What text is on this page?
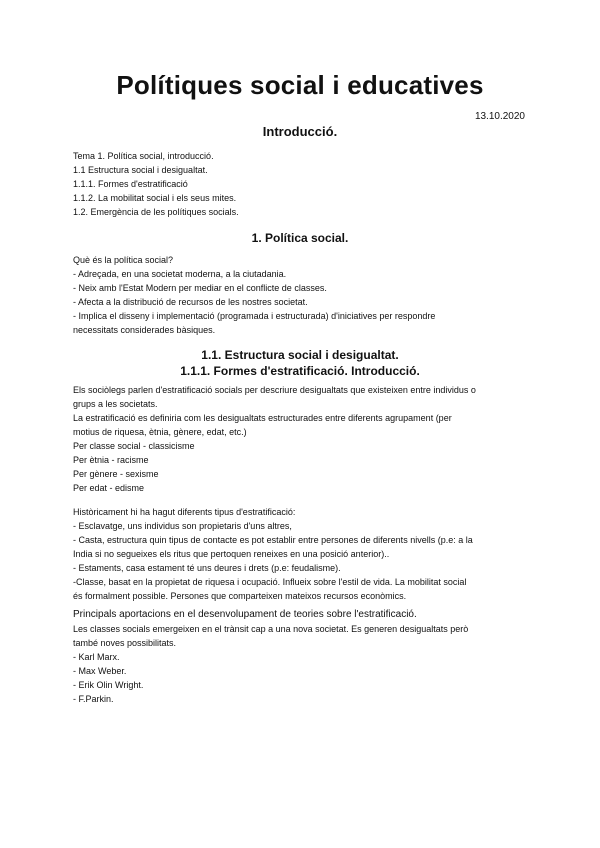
Polítiques social i educatives
13.10.2020
Introducció.

Tema 1. Política social, introducció.

1.1 Estructura social i desigualtat.

1.1.1. Formes d'estratificació

1.1.2. La mobilitat social i els seus mites.

1.2. Emergència de les polítiques socials.

1. Política social.

Què és la política social?

- Adreçada, en una societat moderna, a la ciutadania.

- Neix amb l'Estat Modern per mediar en el conflicte de classes.

- Afecta a la distribució de recursos de les nostres societat.

- Implica el disseny i implementació (programada i estructurada) d'iniciatives per respondre

necessitats considerades bàsiques.

1.1. Estructura social i desigualtat.
1.1.1. Formes d'estratificació. Introducció.

Els sociòlegs parlen d'estratificació socials per descriure desigualtats que existeixen entre individus o

grups a les societats.

La estratificació es definiria com les desigualtats estructurades entre diferents agrupament (per

motius de riquesa, ètnia, gènere, edat, etc.)

Per classe social - classicisme

Per ètnia - racisme

Per gènere - sexisme

Per edat - edisme

Històricament hi ha hagut diferents tipus d'estratificació:

- Esclavatge, uns individus son propietaris d'uns altres,

- Casta, estructura quin tipus de contacte es pot establir entre persones de diferents nivells (p.e: a la

India si no segueixes els ritus que pertoquen reneixes en una posició anterior)..

- Estaments, casa estament té uns deures i drets (p.e: feudalisme).

-Classe, basat en la propietat de riquesa i ocupació. Influeix sobre l'estil de vida. La mobilitat social

és formalment possible. Persones que comparteixen mateixos recursos econòmics.

Principals aportacions en el desenvolupament de teories sobre l'estratificació.

Les classes socials emergeixen en el trànsit cap a una nova societat. Es generen desigualtats però

també noves possibilitats.

- Karl Marx.

- Max Weber.

- Erik Olin Wright.

- F.Parkin.
